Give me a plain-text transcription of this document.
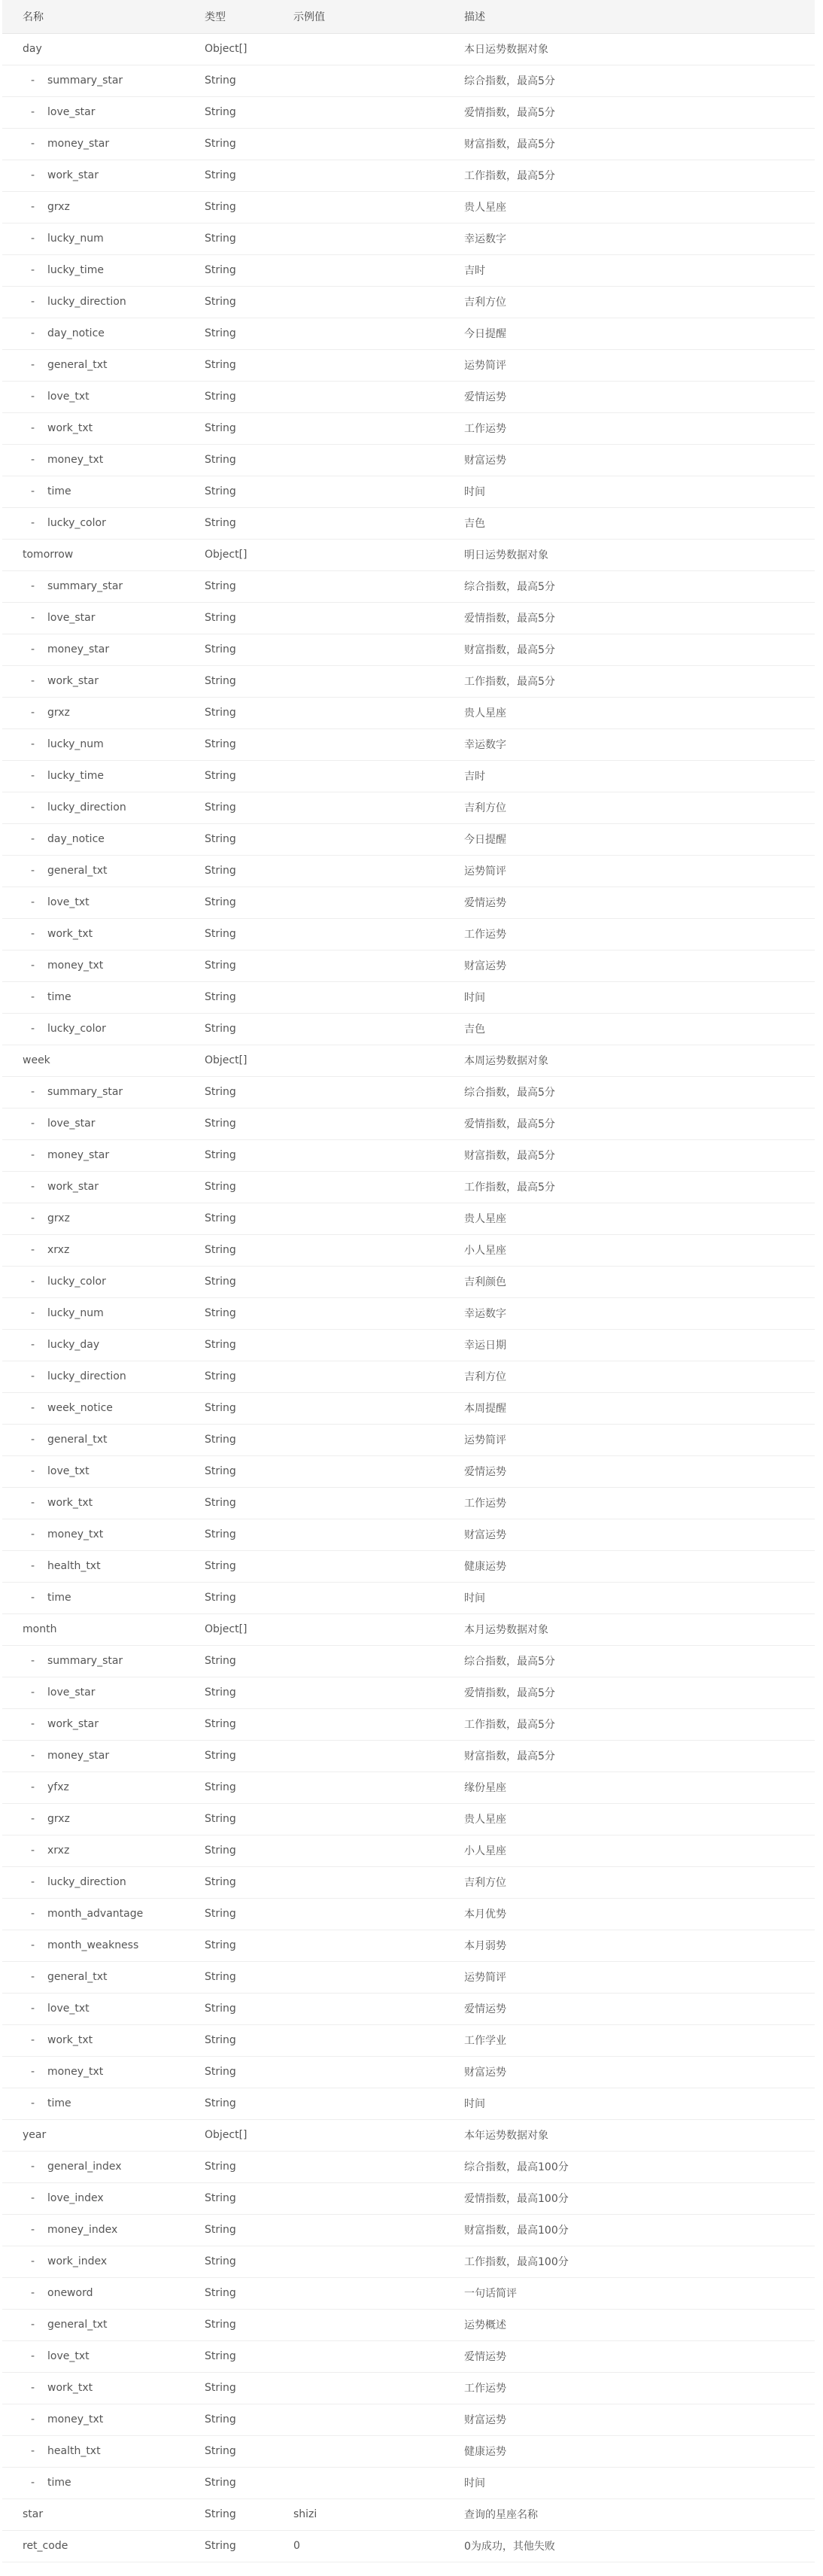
名称	类型	示例值	描述
day	Object[]		本日运势数据对象
- summary_star	String		综合指数，最高5分
- love_star	String		爱情指数，最高5分
- money_star	String		财富指数，最高5分
- work_star	String		工作指数，最高5分
- grxz	String		贵人星座
- lucky_num	String		幸运数字
- lucky_time	String		吉时
- lucky_direction	String		吉利方位
- day_notice	String		今日提醒
- general_txt	String		运势简评
- love_txt	String		爱情运势
- work_txt	String		工作运势
- money_txt	String		财富运势
- time	String		时间
- lucky_color	String		吉色
tomorrow	Object[]		明日运势数据对象
- summary_star	String		综合指数，最高5分
- love_star	String		爱情指数，最高5分
- money_star	String		财富指数，最高5分
- work_star	String		工作指数，最高5分
- grxz	String		贵人星座
- lucky_num	String		幸运数字
- lucky_time	String		吉时
- lucky_direction	String		吉利方位
- day_notice	String		今日提醒
- general_txt	String		运势简评
- love_txt	String		爱情运势
- work_txt	String		工作运势
- money_txt	String		财富运势
- time	String		时间
- lucky_color	String		吉色
week	Object[]		本周运势数据对象
- summary_star	String		综合指数，最高5分
- love_star	String		爱情指数，最高5分
- money_star	String		财富指数，最高5分
- work_star	String		工作指数，最高5分
- grxz	String		贵人星座
- xrxz	String		小人星座
- lucky_color	String		吉利颜色
- lucky_num	String		幸运数字
- lucky_day	String		幸运日期
- lucky_direction	String		吉利方位
- week_notice	String		本周提醒
- general_txt	String		运势简评
- love_txt	String		爱情运势
- work_txt	String		工作运势
- money_txt	String		财富运势
- health_txt	String		健康运势
- time	String		时间
month	Object[]		本月运势数据对象
- summary_star	String		综合指数，最高5分
- love_star	String		爱情指数，最高5分
- work_star	String		工作指数，最高5分
- money_star	String		财富指数，最高5分
- yfxz	String		缘份星座
- grxz	String		贵人星座
- xrxz	String		小人星座
- lucky_direction	String		吉利方位
- month_advantage	String		本月优势
- month_weakness	String		本月弱势
- general_txt	String		运势简评
- love_txt	String		爱情运势
- work_txt	String		工作学业
- money_txt	String		财富运势
- time	String		时间
year	Object[]		本年运势数据对象
- general_index	String		综合指数，最高100分
- love_index	String		爱情指数，最高100分
- money_index	String		财富指数，最高100分
- work_index	String		工作指数，最高100分
- oneword	String		一句话简评
- general_txt	String		运势概述
- love_txt	String		爱情运势
- work_txt	String		工作运势
- money_txt	String		财富运势
- health_txt	String		健康运势
- time	String		时间
star	String	shizi	查询的星座名称
ret_code	String	0	0为成功，其他失败
